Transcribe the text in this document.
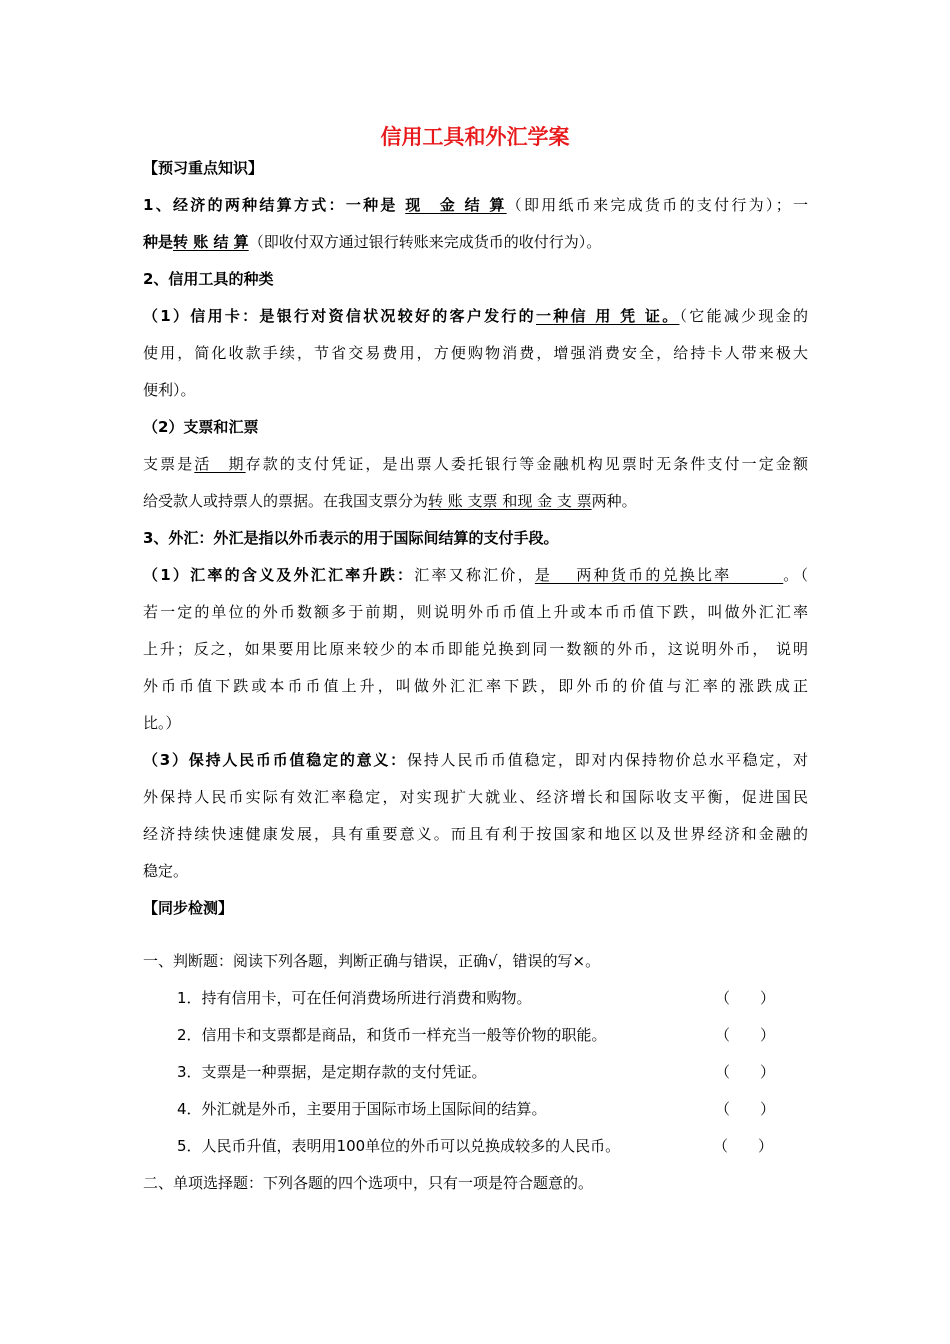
信用工具和外汇学案
【预习重点知识】
1、经济的两种结算方式：一种是 现　金 结 算（即用纸币来完成货币的支付行为）；一
种是转 账 结 算（即收付双方通过银行转账来完成货币的收付行为）。
2、信用工具的种类
（1）信用卡：是银行对资信状况较好的客户发行的一种信 用 凭 证。（它能减少现金的
使用，简化收款手续，节省交易费用，方便购物消费，增强消费安全，给持卡人带来极大
便利）。
（2）支票和汇票
支票是活　期存款的支付凭证，是出票人委托银行等金融机构见票时无条件支付一定金额
给受款人或持票人的票据。在我国支票分为转 账 支票 和现 金 支 票两种。
3、外汇：外汇是指以外币表示的用于国际间结算的支付手段。
（1）汇率的含义及外汇汇率升跌：汇率又称汇价，是　 两种货币的兑换比率　　　。（
若一定的单位的外币数额多于前期，则说明外币币值上升或本币币值下跌，叫做外汇汇率
上升；反之，如果要用比原来较少的本币即能兑换到同一数额的外币，这说明外币， 说明
外币币值下跌或本币币值上升，叫做外汇汇率下跌，即外币的价值与汇率的涨跌成正
比。）
（3）保持人民币币值稳定的意义：保持人民币币值稳定，即对内保持物价总水平稳定，对
外保持人民币实际有效汇率稳定，对实现扩大就业、经济增长和国际收支平衡，促进国民
经济持续快速健康发展，具有重要意义。而且有利于按国家和地区以及世界经济和金融的
稳定。
【同步检测】
一、判断题：阅读下列各题，判断正确与错误，正确√，错误的写×。
1．持有信用卡，可在任何消费场所进行消费和购物。	（　　）
2．信用卡和支票都是商品，和货币一样充当一般等价物的职能。	（　　）
3．支票是一种票据，是定期存款的支付凭证。	（　　）
4．外汇就是外币，主要用于国际市场上国际间的结算。	（　　）
5．人民币升值，表明用100单位的外币可以兑换成较多的人民币。	（　　）
二、单项选择题：下列各题的四个选项中，只有一项是符合题意的。
